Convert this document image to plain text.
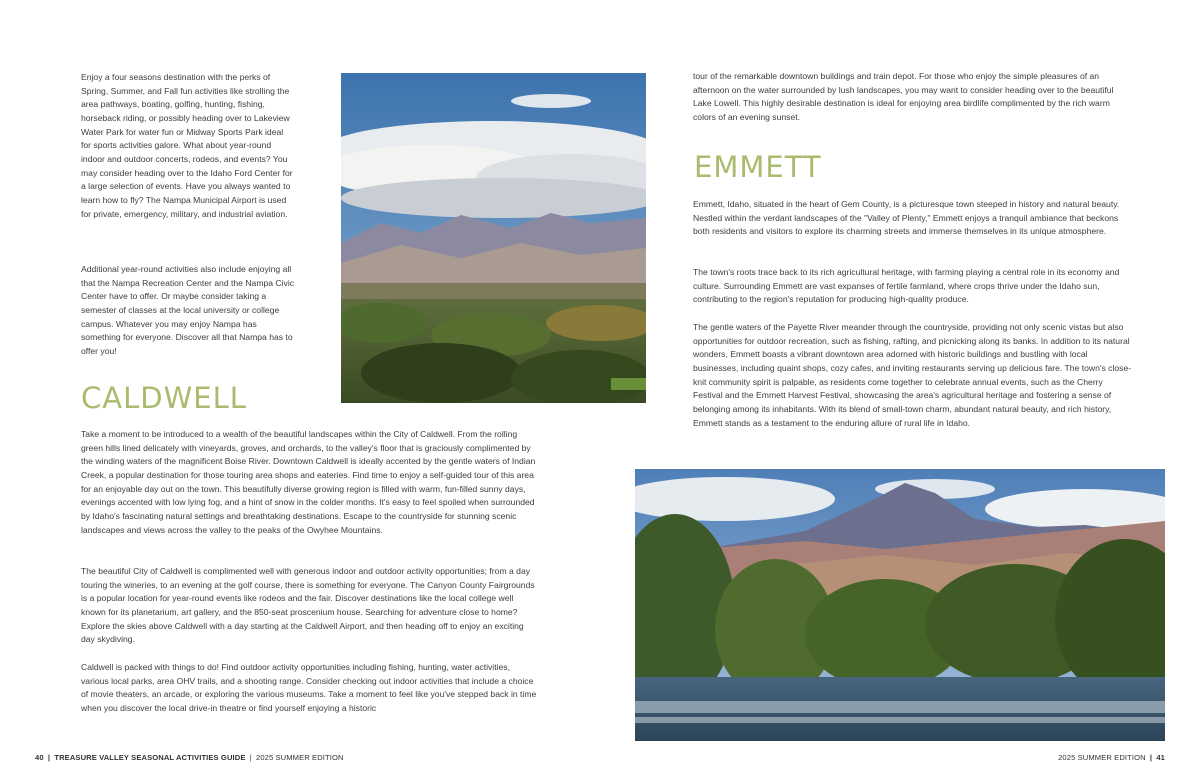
Enjoy a four seasons destination with the perks of Spring, Summer, and Fall fun activities like strolling the area pathways, boating, golfing, hunting, fishing, horseback riding, or possibly heading over to Lakeview Water Park for water fun or Midway Sports Park ideal for sports activities galore. What about year-round indoor and outdoor concerts, rodeos, and events? You may consider heading over to the Idaho Ford Center for a large selection of events. Have you always wanted to learn how to fly? The Nampa Municipal Airport is used for private, emergency, military, and industrial aviation.

Additional year-round activities also include enjoying all that the Nampa Recreation Center and the Nampa Civic Center have to offer. Or maybe consider taking a semester of classes at the local university or college campus. Whatever you may enjoy Nampa has something for everyone. Discover all that Nampa has to offer you!

CALDWELL

Take a moment to be introduced to a wealth of the beautiful landscapes within the City of Caldwell. From the rolling green hills lined delicately with vineyards, groves, and orchards, to the valley's floor that is graciously complimented by the winding waters of the magnificent Boise River. Downtown Caldwell is ideally accented by the gentle waters of Indian Creek, a popular destination for those touring area shops and eateries. Find time to enjoy a self-guided tour of this area for an enjoyable day out on the town. This beautifully diverse growing region is filled with warm, fun-filled sunny days, evenings accented with low lying fog, and a hint of snow in the colder months. It's easy to feel spoiled when surrounded by Idaho's fascinating natural settings and breathtaking destinations. Escape to the countryside for stunning scenic landscapes and views across the valley to the peaks of the Owyhee Mountains.

The beautiful City of Caldwell is complimented well with generous indoor and outdoor activity opportunities; from a day touring the wineries, to an evening at the golf course, there is something for everyone. The Canyon County Fairgrounds is a popular location for year-round events like rodeos and the fair. Discover destinations like the local college well known for its planetarium, art gallery, and the 850-seat proscenium house. Searching for adventure close to home? Explore the skies above Caldwell with a day starting at the Caldwell Airport, and then heading off to enjoy an exciting day skydiving.

Caldwell is packed with things to do! Find outdoor activity opportunities including fishing, hunting, water activities, various local parks, area OHV trails, and a shooting range. Consider checking out indoor activities that include a choice of movie theaters, an arcade, or exploring the various museums. Take a moment to feel like you've stepped back in time when you discover the local drive-in theatre or find yourself enjoying a historic

40 | TREASURE VALLEY SEASONAL ACTIVITIES GUIDE | 2025 SUMMER EDITION

tour of the remarkable downtown buildings and train depot. For those who enjoy the simple pleasures of an afternoon on the water surrounded by lush landscapes, you may want to consider heading over to the beautiful Lake Lowell. This highly desirable destination is ideal for enjoying area birdlife complimented by the rich warm colors of an evening sunset.

EMMETT

Emmett, Idaho, situated in the heart of Gem County, is a picturesque town steeped in history and natural beauty. Nestled within the verdant landscapes of the "Valley of Plenty," Emmett enjoys a tranquil ambiance that beckons both residents and visitors to explore its charming streets and immerse themselves in its unique atmosphere.

The town's roots trace back to its rich agricultural heritage, with farming playing a central role in its economy and culture. Surrounding Emmett are vast expanses of fertile farmland, where crops thrive under the Idaho sun, contributing to the region's reputation for producing high-quality produce.

The gentle waters of the Payette River meander through the countryside, providing not only scenic vistas but also opportunities for outdoor recreation, such as fishing, rafting, and picnicking along its banks. In addition to its natural wonders, Emmett boasts a vibrant downtown area adorned with historic buildings and bustling with local businesses, including quaint shops, cozy cafes, and inviting restaurants serving up delicious fare. The town's close-knit community spirit is palpable, as residents come together to celebrate annual events, such as the Cherry Festival and the Emmett Harvest Festival, showcasing the area's agricultural heritage and fostering a sense of belonging among its inhabitants. With its blend of small-town charm, abundant natural beauty, and rich history, Emmett stands as a testament to the enduring allure of rural life in Idaho.

2025 SUMMER EDITION | 41
